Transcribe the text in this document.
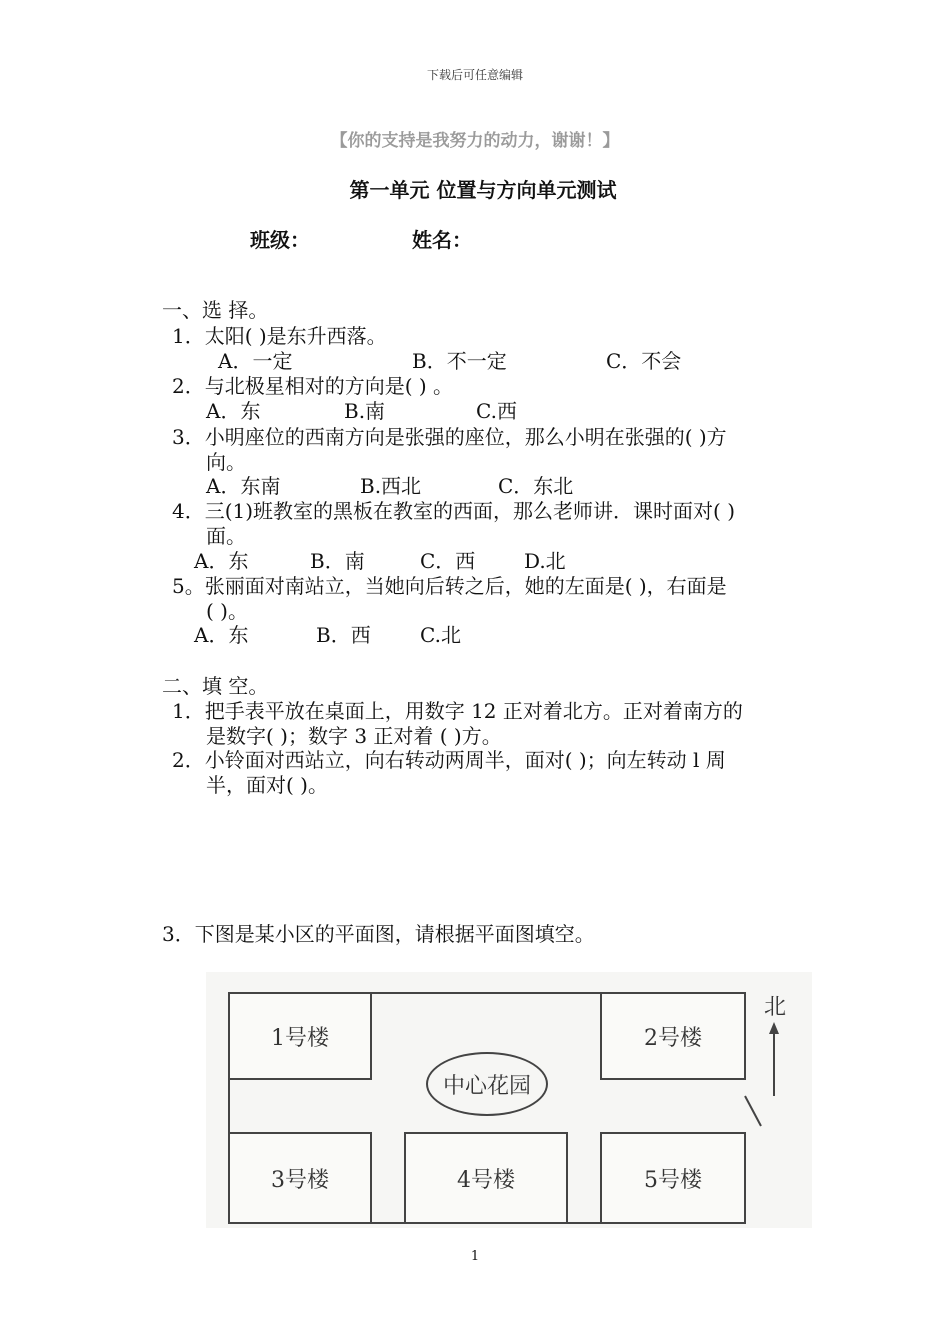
下载后可任意编辑
【你的支持是我努力的动力，谢谢！】
第一单元 位置与方向单元测试
班级：	姓名：
一、选 择。
1．太阳( )是东升西落。
A．一定	B．不一定	C．不会
2．与北极星相对的方向是( ) 。
A．东	B.南	C.西
3．小明座位的西南方向是张强的座位，那么小明在张强的( )方
向。
A．东南	B.西北	C．东北
4．三(1)班教室的黑板在教室的西面，那么老师讲．课时面对( )
面。
A．东	B．南	C．西 D.北
5。张丽面对南站立，当她向后转之后，她的左面是( )，右面是
( )。
A．东	B．西 C.北
二、填 空。
1．把手表平放在桌面上，用数字 12 正对着北方。正对着南方的
是数字( )；数字 3 正对着 ( )方。
2．小铃面对西站立，向右转动两周半，面对( )；向左转动 l 周
半，面对( )。
3．下图是某小区的平面图，请根据平面图填空。
1号楼	2号楼
3号楼	4号楼	5号楼
中心花园
北
1
